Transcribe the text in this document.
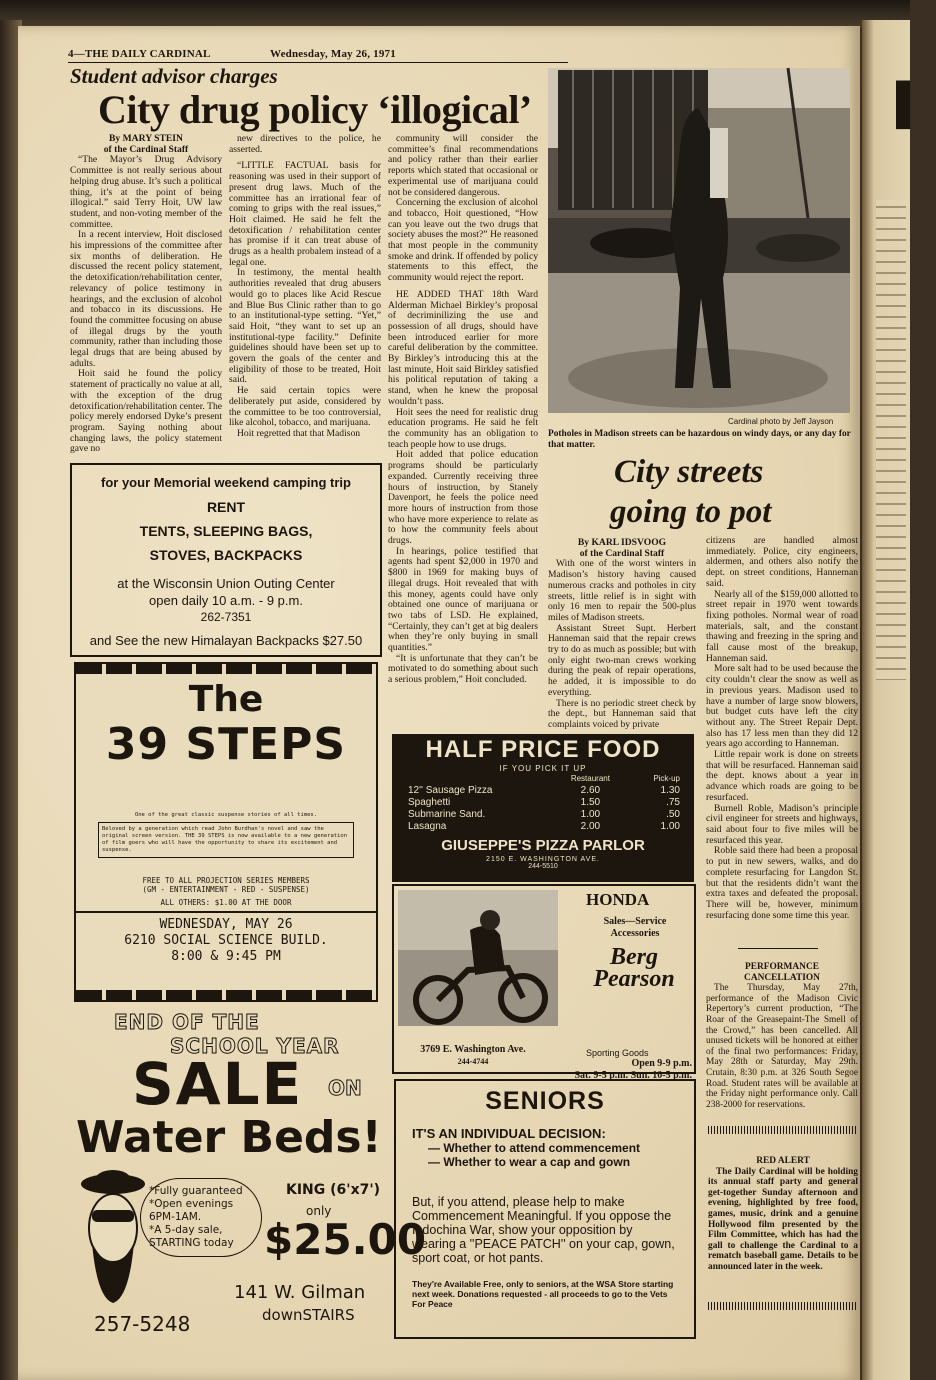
4—THE DAILY CARDINAL	Wednesday, May 26, 1971
Student advisor charges
City drug policy ‘illogical’

By MARY STEIN

of the Cardinal Staff

“The Mayor’s Drug Advisory Committee is not really serious about helping drug abuse. It’s such a political thing, it’s at the point of being illogical.” said Terry Hoit, UW law student, and non-voting member of the committee.

In a recent interview, Hoit disclosed his impressions of the committee after six months of deliberation. He discussed the recent policy statement, the detoxification/rehabilitation center, relevancy of police testimony in hearings, and the exclusion of alcohol and tobacco in its discussions. He found the committee focusing on abuse of illegal drugs by the youth community, rather than including those legal drugs that are being abused by adults.

Hoit said he found the policy statement of practically no value at all, with the exception of the drug detoxification/rehabilitation center. The policy merely endorsed Dyke’s present program. Saying nothing about changing laws, the policy statement gave no

new directives to the police, he asserted.

“LITTLE FACTUAL basis for reasoning was used in their support of present drug laws. Much of the committee has an irrational fear of coming to grips with the real issues,” Hoit claimed. He said he felt the detoxification / rehabilitation center has promise if it can treat abuse of drugs as a health probalem instead of a legal one.

In testimony, the mental health authorities revealed that drug abusers would go to places like Acid Rescue and Blue Bus Clinic rather than to go to an institutional-type setting. “Yet,” said Hoit, “they want to set up an institutional-type facility.” Definite guidelines should have been set up to govern the goals of the center and eligibility of those to be treated, Hoit said.

He said certain topics were deliberately put aside, considered by the committee to be too controversial, like alcohol, tobacco, and marijuana.

Hoit regretted that that Madison

community will consider the committee’s final recommendations and policy rather than their earlier reports which stated that occasional or experimental use of marijuana could not be considered dangerous.

Concerning the exclusion of alcohol and tobacco, Hoit questioned, “How can you leave out the two drugs that society abuses the most?” He reasoned that most people in the community smoke and drink. If offended by policy statements to this effect, the community would reject the report.

HE ADDED THAT 18th Ward Alderman Michael Birkley’s proposal of decriminilizing the use and possession of all drugs, should have been introduced earlier for more careful deliberation by the committee. By Birkley’s introducing this at the last minute, Hoit said Birkley satisfied his political reputation of taking a stand, when he knew the proposal wouldn’t pass.

Hoit sees the need for realistic drug education programs. He said he felt the community has an obligation to teach people how to use drugs.

Hoit added that police education programs should be particularly expanded. Currently receiving three hours of instruction, by Stanely Davenport, he feels the police need more hours of instruction from those who have more experience to relate as to how the community feels about drugs.

In hearings, police testified that agents had spent $2,000 in 1970 and $800 in 1969 for making buys of illegal drugs. Hoit revealed that with this money, agents could have only obtained one ounce of marijuana or two tabs of LSD. He explained, “Certainly, they can’t get at big dealers when they’re only buying in small quantities.”

“It is unfortunate that they can’t be motivated to do something about such a serious problem,” Hoit concluded.

Cardinal photo by Jeff Jayson
Potholes in Madison streets can be hazardous on windy days, or any day for that matter.
City streets
going to pot

By KARL IDSVOOG

of the Cardinal Staff

With one of the worst winters in Madison’s history having caused numerous cracks and potholes in city streets, little relief is in sight with only 16 men to repair the 500-plus miles of Madison streets.

Assistant Street Supt. Herbert Hanneman said that the repair crews try to do as much as possible; but with only eight two-man crews working during the peak of repair operations, he added, it is impossible to do everything.

There is no periodic street check by the dept., but Hanneman said that complaints voiced by private

citizens are handled almost immediately. Police, city engineers, aldermen, and others also notify the dept. on street conditions, Hanneman said.

Nearly all of the $159,000 allotted to street repair in 1970 went towards fixing potholes. Normal wear of road materials, salt, and the constant thawing and freezing in the spring and fall cause most of the breakup, Hanneman said.

More salt had to be used because the city couldn’t clear the snow as well as in previous years. Madison used to have a number of large snow blowers, but budget cuts have left the city without any. The Street Repair Dept. also has 17 less men than they did 12 years ago according to Hanneman.

Little repair work is done on streets that will be resurfaced. Hanneman said the dept. knows about a year in advance which roads are going to be resurfaced.

Burnell Roble, Madison’s principle civil engineer for streets and highways, said about four to five miles will be resurfaced this year.

Roble said there had been a proposal to put in new sewers, walks, and do complete resurfacing for Langdon St. but that the residents didn’t want the extra taxes and defeated the proposal. There will be, however, minimum resurfacing done some time this year.

PERFORMANCE
CANCELLATION
The Thursday, May 27th, performance of the Madison Civic Repertory’s current production, “The Roar of the Greasepaint-The Smell of the Crowd,” has been cancelled. All unused tickets will be honored at either of the final two performances: Friday, May 28th or Saturday, May 29th. Crutain, 8:30 p.m. at 326 South Segoe Road. Student rates will be available at the Friday night performance only. Call 238-2000 for reservations.
RED ALERT
The Daily Cardinal will be holding its annual staff party and general get-together Sunday afternoon and evening, highlighted by free food, games, music, drink and a genuine Hollywood film presented by the Film Committee, which has had the gall to challenge the Cardinal to a rematch baseball game. Details to be announced later in the week.
for your Memorial weekend camping trip
RENT
TENTS, SLEEPING BAGS,
STOVES, BACKPACKS
at the Wisconsin Union Outing Center
open daily 10 a.m. - 9 p.m.
262-7351
and See the new Himalayan Backpacks $27.50
The
39 STEPS
One of the great classic suspense stories of all times.
Beloved by a generation which read John Burdhan's novel and saw the original screen version. THE 39 STEPS is now available to a new generation of film goers who will have the opportunity to share its excitement and suspense.
FREE TO ALL PROJECTION SERIES MEMBERS
(GM - ENTERTAINMENT - RED - SUSPENSE)
ALL OTHERS: $1.00 AT THE DOOR
WEDNESDAY, MAY 26
6210 SOCIAL SCIENCE BUILD.
8:00 & 9:45 PM
END OF THE
SCHOOL YEAR
SALE ON
Water Beds!
*Fully guaranteed
*Open evenings 6PM-1AM.
*A 5-day sale, STARTING today
KING (6'x7')
only
$25.00
257-5248
141 W. Gilman
downSTAIRS
HALF PRICE FOOD
IF YOU PICK IT UP
	Restaurant	Pick-up
12'' Sausage Pizza	2.60	1.30
Spaghetti	1.50	.75
Submarine Sand.	1.00	.50
Lasagna	2.00	1.00
GIUSEPPE'S PIZZA PARLOR
2150 E. WASHINGTON AVE.
244-5510
HONDA
Sales—Service
Accessories
Berg
Pearson
Sporting Goods
3769 E. Washington Ave.
244-4744	Open 9-9 p.m.
Sat. 9-5 p.m. Sun. 10-5 p.m.
SENIORS
IT'S AN INDIVIDUAL DECISION:
— Whether to attend commencement
— Whether to wear a cap and gown
But, if you attend, please help to make Commencement Meaningful. If you oppose the Indochina War, show your opposition by wearing a ''PEACE PATCH'' on your cap, gown, sport coat, or hot pants.
They're Available Free, only to seniors, at the WSA Store starting next week. Donations requested - all proceeds to go to the Vets For Peace
▌
